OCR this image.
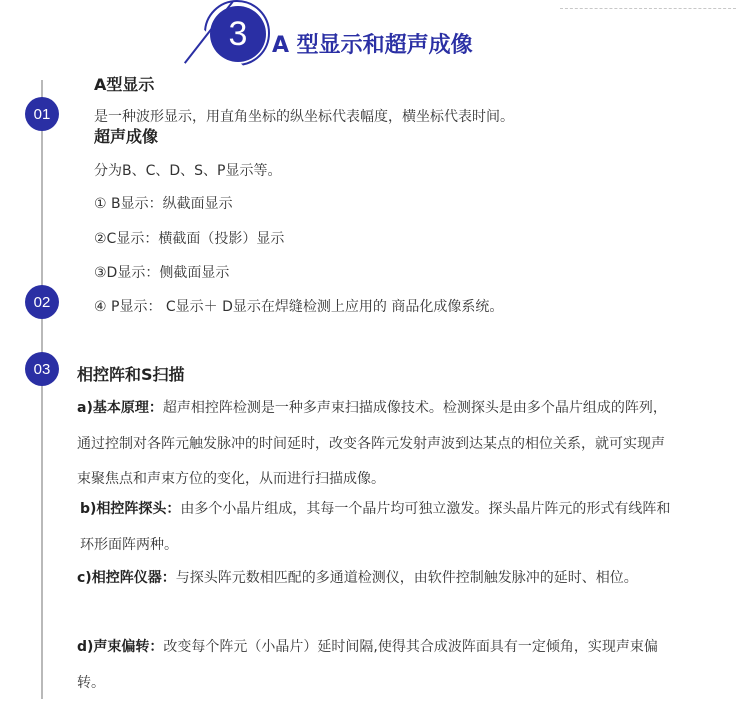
3	A 型显示和超声成像
01
02
03
A型显示
是一种波形显示，用直角坐标的纵坐标代表幅度，横坐标代表时间。
超声成像
分为B、C、D、S、P显示等。
① B显示：纵截面显示
②C显示：横截面（投影）显示
③D显示：侧截面显示
④ P显示： C显示＋ D显示在焊缝检测上应用的 商品化成像系统。
相控阵和S扫描
a)基本原理：超声相控阵检测是一种多声束扫描成像技术。检测探头是由多个晶片组成的阵列，通过控制对各阵元触发脉冲的时间延时，改变各阵元发射声波到达某点的相位关系，就可实现声束聚焦点和声束方位的变化，从而进行扫描成像。
b)相控阵探头：由多个小晶片组成，其每一个晶片均可独立激发。探头晶片阵元的形式有线阵和环形面阵两种。
c)相控阵仪器：与探头阵元数相匹配的多通道检测仪，由软件控制触发脉冲的延时、相位。
d)声束偏转：改变每个阵元（小晶片）延时间隔,使得其合成波阵面具有一定倾角，实现声束偏转。
